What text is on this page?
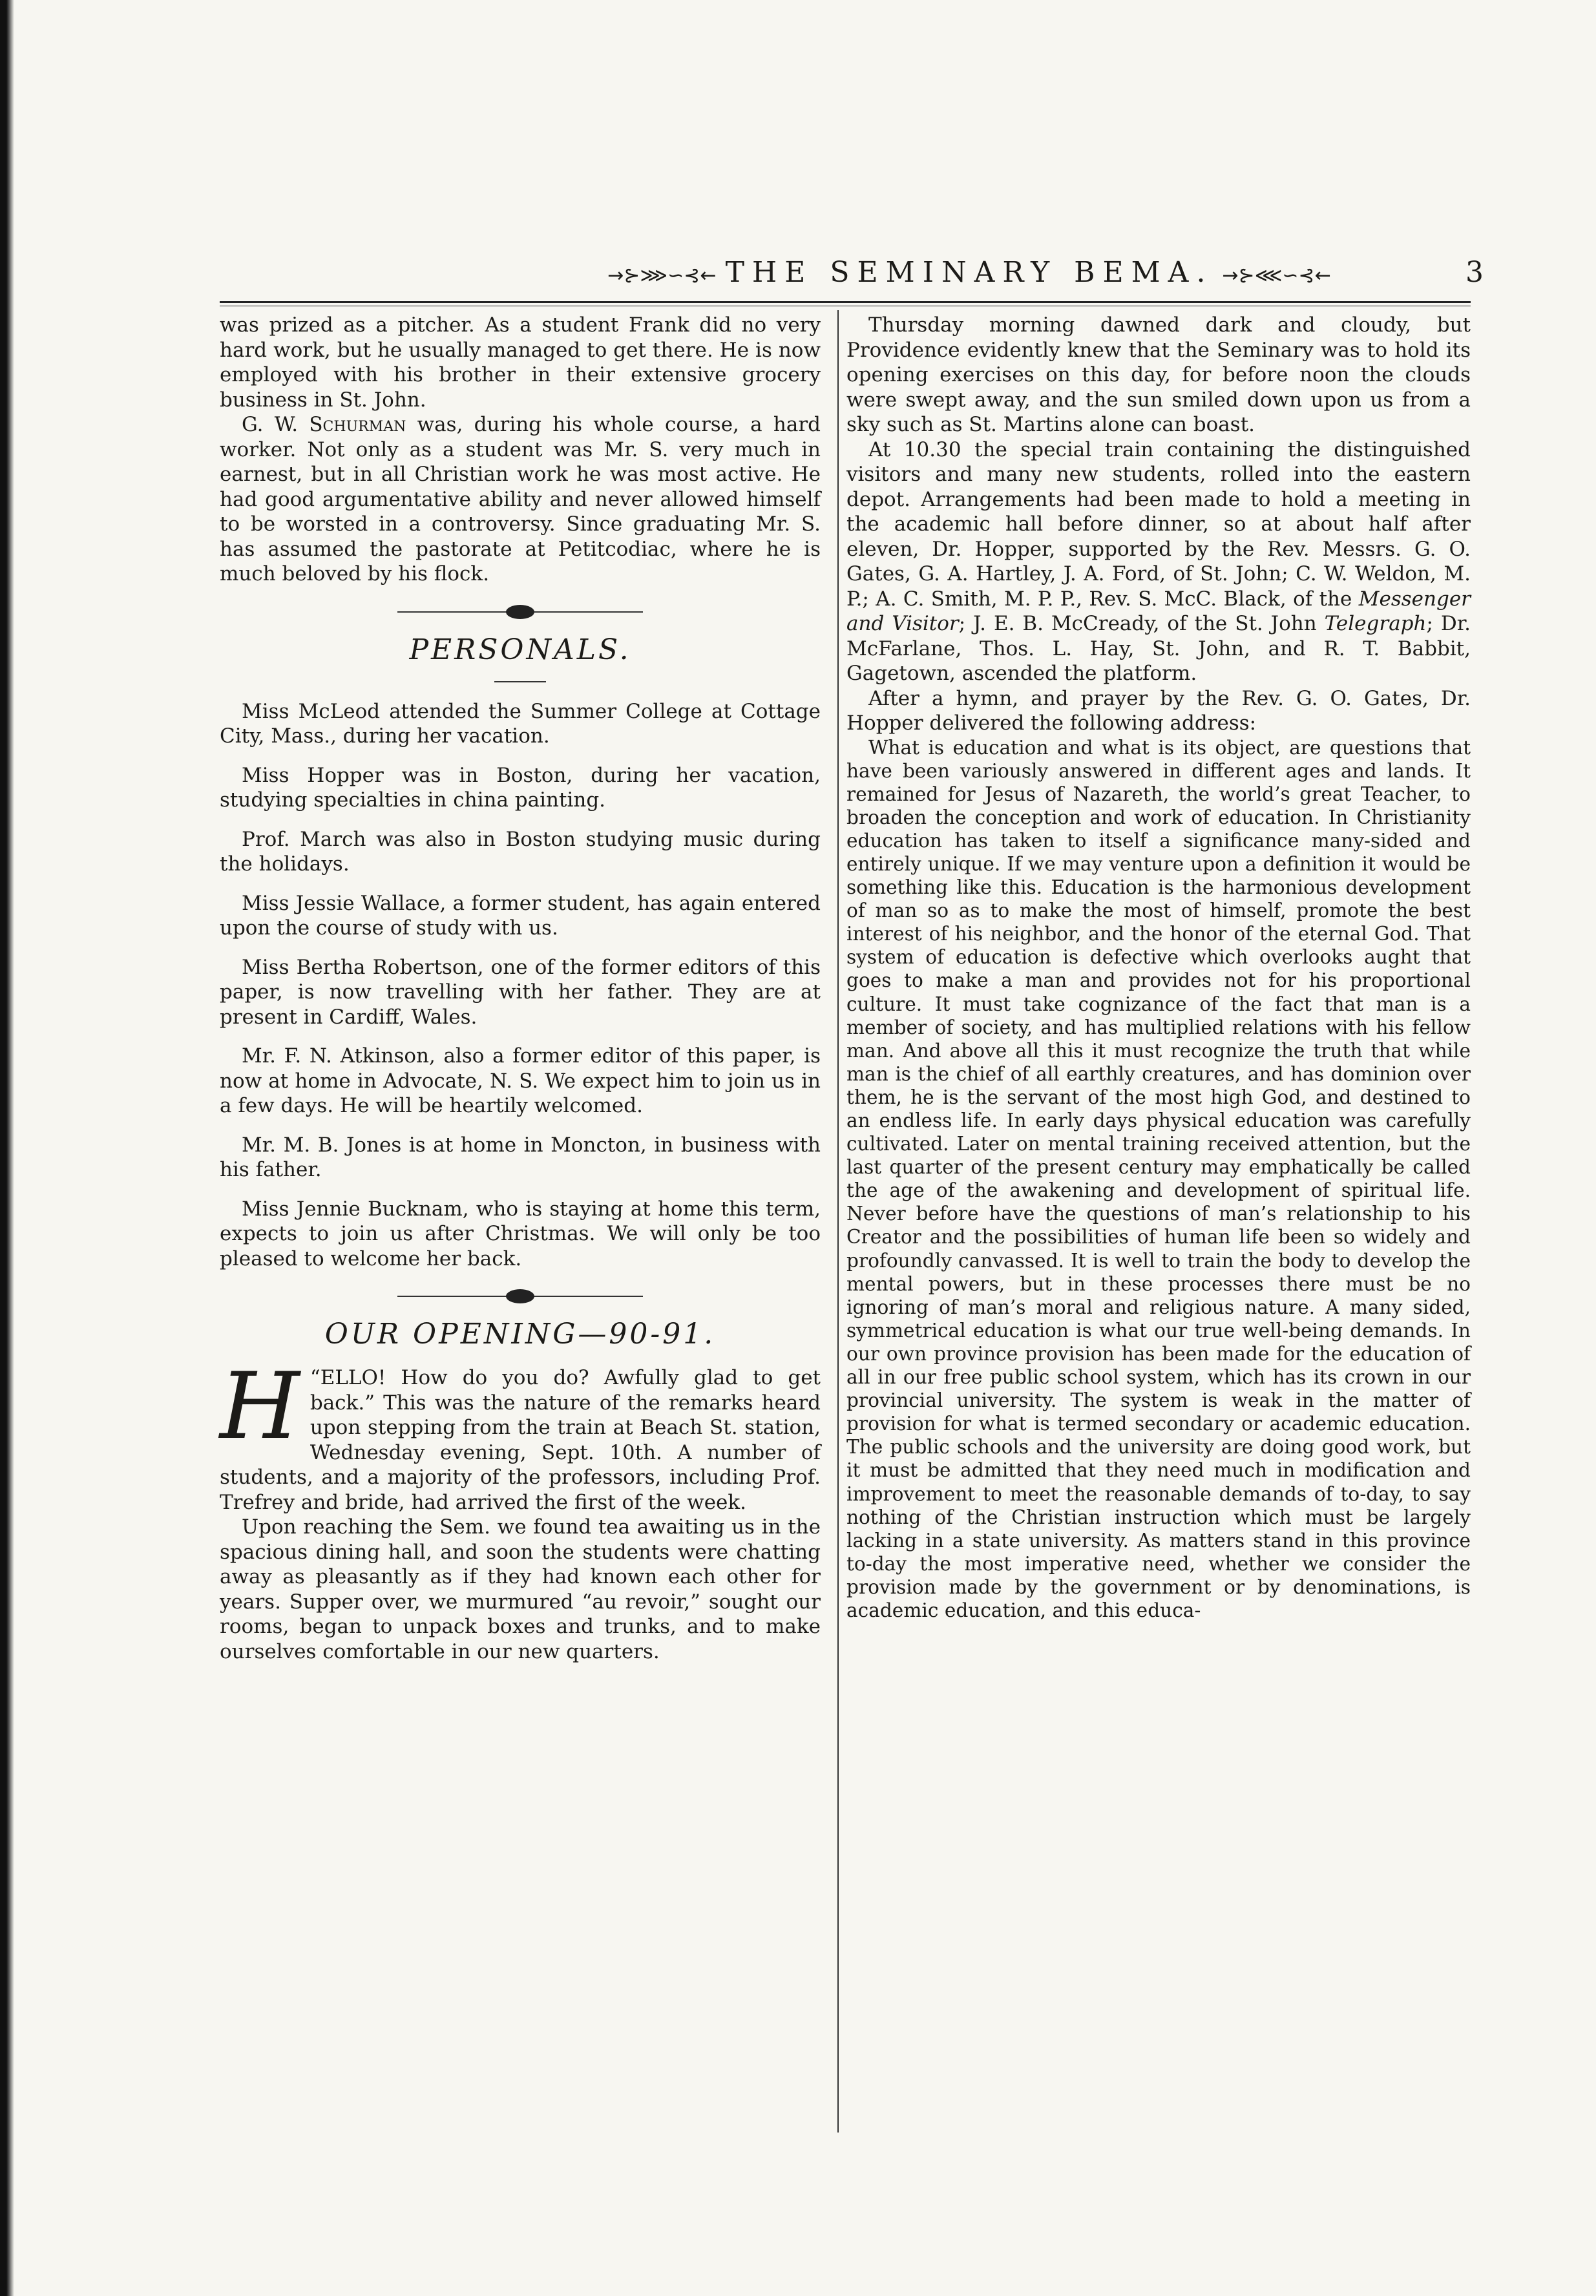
→⊱⋙∽⊰← THE SEMINARY BEMA. →⊱⋘∽⊰←	3

was prized as a pitcher. As a student Frank did no very hard work, but he usually managed to get there. He is now employed with his brother in their extensive grocery business in St. John.

G. W. Schurman was, during his whole course, a hard worker. Not only as a student was Mr. S. very much in earnest, but in all Christian work he was most active. He had good argumentative ability and never allowed himself to be worsted in a controversy. Since graduating Mr. S. has assumed the pastorate at Petitcodiac, where he is much beloved by his flock.

PERSONALS.

Miss McLeod attended the Summer College at Cottage City, Mass., during her vacation.

Miss Hopper was in Boston, during her vacation, studying specialties in china painting.

Prof. March was also in Boston studying music during the holidays.

Miss Jessie Wallace, a former student, has again entered upon the course of study with us.

Miss Bertha Robertson, one of the former editors of this paper, is now travelling with her father. They are at present in Cardiff, Wales.

Mr. F. N. Atkinson, also a former editor of this paper, is now at home in Advocate, N. S. We expect him to join us in a few days. He will be heartily welcomed.

Mr. M. B. Jones is at home in Moncton, in business with his father.

Miss Jennie Bucknam, who is staying at home this term, expects to join us after Christmas. We will only be too pleased to welcome her back.

OUR OPENING—90-91.

H “ELLO! How do you do? Awfully glad to get back.” This was the nature of the remarks heard upon stepping from the train at Beach St. station, Wednesday evening, Sept. 10th. A number of students, and a majority of the professors, including Prof. Trefrey and bride, had arrived the first of the week.

Upon reaching the Sem. we found tea awaiting us in the spacious dining hall, and soon the students were chatting away as pleasantly as if they had known each other for years. Supper over, we murmured “au revoir,” sought our rooms, began to unpack boxes and trunks, and to make ourselves comfortable in our new quarters.

Thursday morning dawned dark and cloudy, but Providence evidently knew that the Seminary was to hold its opening exercises on this day, for before noon the clouds were swept away, and the sun smiled down upon us from a sky such as St. Martins alone can boast.

At 10.30 the special train containing the distinguished visitors and many new students, rolled into the eastern depot. Arrangements had been made to hold a meeting in the academic hall before dinner, so at about half after eleven, Dr. Hopper, supported by the Rev. Messrs. G. O. Gates, G. A. Hartley, J. A. Ford, of St. John; C. W. Weldon, M. P.; A. C. Smith, M. P. P., Rev. S. McC. Black, of the Messenger and Visitor; J. E. B. McCready, of the St. John Telegraph; Dr. McFarlane, Thos. L. Hay, St. John, and R. T. Babbit, Gagetown, ascended the platform.

After a hymn, and prayer by the Rev. G. O. Gates, Dr. Hopper delivered the following address:

What is education and what is its object, are questions that have been variously answered in different ages and lands. It remained for Jesus of Nazareth, the world’s great Teacher, to broaden the conception and work of education. In Christianity education has taken to itself a significance many-sided and entirely unique. If we may venture upon a definition it would be something like this. Education is the harmonious development of man so as to make the most of himself, promote the best interest of his neighbor, and the honor of the eternal God. That system of education is defective which overlooks aught that goes to make a man and provides not for his proportional culture. It must take cognizance of the fact that man is a member of society, and has multiplied relations with his fellow man. And above all this it must recognize the truth that while man is the chief of all earthly creatures, and has dominion over them, he is the servant of the most high God, and destined to an endless life. In early days physical education was carefully cultivated. Later on mental training received attention, but the last quarter of the present century may emphatically be called the age of the awakening and development of spiritual life. Never before have the questions of man’s relationship to his Creator and the possibilities of human life been so widely and profoundly canvassed. It is well to train the body to develop the mental powers, but in these processes there must be no ignoring of man’s moral and religious nature. A many sided, symmetrical education is what our true well-being demands. In our own province provision has been made for the education of all in our free public school system, which has its crown in our provincial university. The system is weak in the matter of provision for what is termed secondary or academic education. The public schools and the university are doing good work, but it must be admitted that they need much in modification and improvement to meet the reasonable demands of to-day, to say nothing of the Christian instruction which must be largely lacking in a state university. As matters stand in this province to-day the most imperative need, whether we consider the provision made by the government or by denominations, is academic education, and this educa-
